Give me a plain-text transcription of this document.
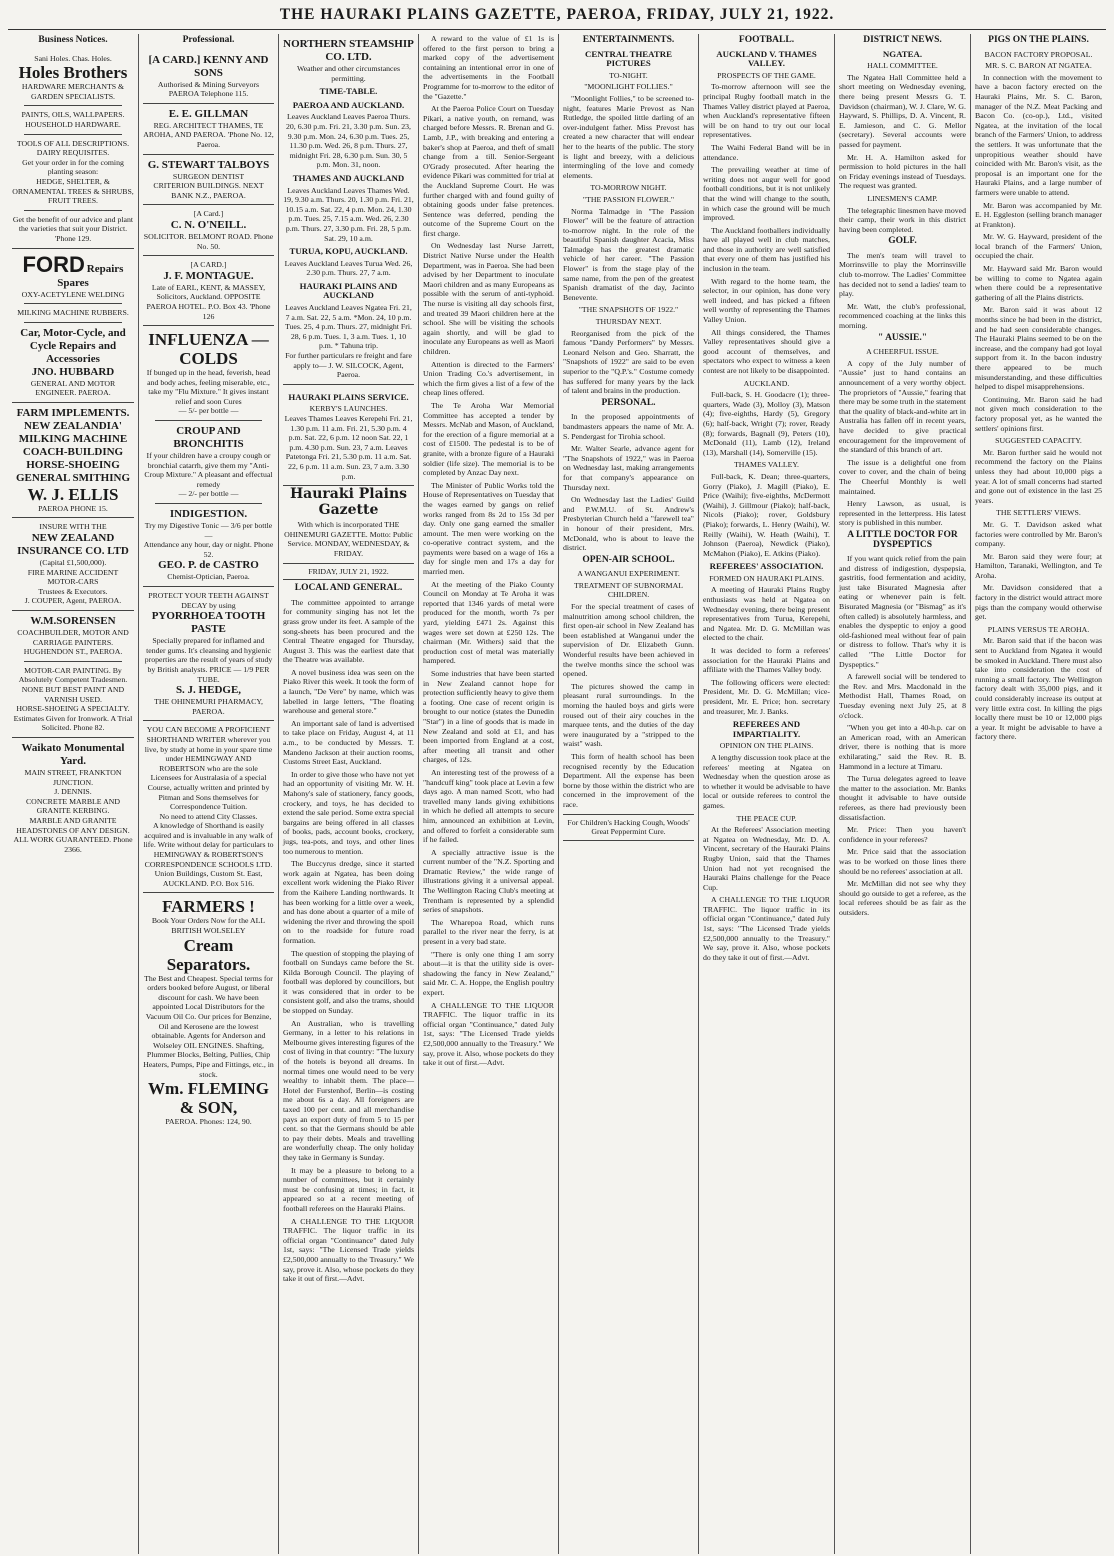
THE HAURAKI PLAINS GAZETTE, PAEROA, FRIDAY, JULY 21, 1922.
Business Notices.
Sani Holes. Chas. Holes.
Holes Brothers
HARDWARE MERCHANTS & GARDEN SPECIALISTS.
PAINTS, OILS, WALLPAPERS. HOUSEHOLD HARDWARE.
TOOLS OF ALL DESCRIPTIONS. DAIRY REQUISITES.
Get your order in for the coming planting season:
HEDGE, SHELTER, & ORNAMENTAL TREES & SHRUBS, FRUIT TREES.
Get the benefit of our advice and plant the varieties that suit your District.
'Phone 129.
FORD Repairs Spares
OXY-ACETYLENE WELDING
MILKING MACHINE RUBBERS.
Car, Motor-Cycle, and Cycle Repairs and Accessories
JNO. HUBBARD
GENERAL AND MOTOR ENGINEER. PAEROA.
FARM IMPLEMENTS.
NEW ZEALANDIA' MILKING MACHINE
COACH-BUILDING HORSE-SHOEING GENERAL SMITHING
W. J. ELLIS
PAEROA PHONE 15.
INSURE WITH THE
NEW ZEALAND INSURANCE CO. LTD
(Capital £1,500,000).
FIRE MARINE ACCIDENT MOTOR-CARS
Trustees & Executors.
J. COUPER, Agent, PAEROA.
W.M.SORENSEN
COACHBUILDER, MOTOR AND CARRIAGE PAINTERS. HUGHENDON ST., PAEROA.
MOTOR-CAR PAINTING. By Absolutely Competent Tradesmen.
NONE BUT BEST PAINT AND VARNISH USED.
HORSE-SHOEING A SPECIALTY.
Estimates Given for Ironwork. A Trial Solicited. Phone 82.
Waikato Monumental Yard.
MAIN STREET, FRANKTON JUNCTION.
J. DENNIS.
CONCRETE MARBLE AND GRANITE KERBING.
MARBLE AND GRANITE HEADSTONES OF ANY DESIGN.
ALL WORK GUARANTEED. Phone 2366.
Professional.
[A CARD.] KENNY AND SONS
Authorised & Mining Surveyors PAEROA Telephone 115.
E. E. GILLMAN
REG. ARCHITECT THAMES, TE AROHA, AND PAEROA. 'Phone No. 12, Paeroa.
G. STEWART TALBOYS
SURGEON DENTIST
CRITERION BUILDINGS. NEXT BANK N.Z., PAEROA.
[A Card.]
C. N. O'NEILL.
SOLICITOR. BELMONT ROAD. Phone No. 50.
[A CARD.]
J. F. MONTAGUE.
Late of EARL, KENT, & MASSEY, Solicitors, Auckland. OPPOSITE PAEROA HOTEL. P.O. Box 43. 'Phone 126
INFLUENZA — COLDS
If bunged up in the head, feverish, head and body aches, feeling miserable, etc., take my "Flu Mixture." It gives instant relief and soon Cures
— 5/- per bottle —
CROUP AND BRONCHITIS
If your children have a croupy cough or bronchial catarrh, give them my "Anti-Croup Mixture." A pleasant and effectual remedy
— 2/- per bottle —
INDIGESTION.
Try my Digestive Tonic — 3/6 per bottle —
Attendance any hour, day or night. Phone 52.
GEO. P. de CASTRO
Chemist-Optician, Paeroa.
PROTECT YOUR TEETH AGAINST DECAY by using
PYORRHOEA TOOTH PASTE
Specially prepared for inflamed and tender gums. It's cleansing and hygienic properties are the result of years of study by British analysts. PRICE — 1/9 PER TUBE.
S. J. HEDGE,
THE OHINEMURI PHARMACY, PAEROA.
YOU CAN BECOME A PROFICIENT SHORTHAND WRITER wherever you live, by study at home in your spare time under HEMINGWAY AND ROBERTSON who are the sole Licensees for Australasia of a special Course, actually written and printed by Pitman and Sons themselves for Correspondence Tuition.
No need to attend City Classes.
A knowledge of Shorthand is easily acquired and is invaluable in any walk of life. Write without delay for particulars to HEMINGWAY & ROBERTSON'S CORRESPONDENCE SCHOOLS LTD. Union Buildings, Custom St. East, AUCKLAND. P.O. Box 516.
FARMERS !
Book Your Orders Now for the ALL BRITISH WOLSELEY
Cream Separators.
The Best and Cheapest. Special terms for orders booked before August, or liberal discount for cash. We have been appointed Local Distributors for the Vacuum Oil Co. Our prices for Benzine, Oil and Kerosene are the lowest obtainable. Agents for Anderson and Wolseley OIL ENGINES. Shafting, Plummer Blocks, Belting, Pullies, Chip Heaters, Pumps, Pipe and Fittings, etc., in stock.
Wm. FLEMING & SON,
PAEROA. Phones: 124, 90.
NORTHERN STEAMSHIP CO. LTD.
Weather and other circumstances permitting.
TIME-TABLE.
PAEROA AND AUCKLAND.
Leaves Auckland Leaves Paeroa Thurs. 20, 6.30 p.m. Fri. 21, 3.30 p.m. Sun. 23, 9.30 p.m. Mon. 24, 6.30 p.m. Tues. 25, 11.30 p.m. Wed. 26, 8 p.m. Thurs. 27, midnight Fri. 28, 6.30 p.m. Sun. 30, 5 p.m. Mon. 31, noon.
THAMES AND AUCKLAND
Leaves Auckland Leaves Thames Wed. 19, 9.30 a.m. Thurs. 20, 1.30 p.m. Fri. 21, 10.15 a.m. Sat. 22, 4 p.m. Mon. 24, 1.30 p.m. Tues. 25, 7.15 a.m. Wed. 26, 2.30 p.m. Thurs. 27, 3.30 p.m. Fri. 28, 5 p.m. Sat. 29, 10 a.m.
TURUA, KOPU, AUCKLAND.
Leaves Auckland Leaves Turua Wed. 26, 2.30 p.m. Thurs. 27, 7 a.m.
HAURAKI PLAINS AND AUCKLAND
Leaves Auckland Leaves Ngatea Fri. 21, 7 a.m. Sat. 22, 5 a.m. *Mon. 24, 10 p.m. Tues. 25, 4 p.m. Thurs. 27, midnight Fri. 28, 6 p.m. Tues. 1, 3 a.m. Tues. 1, 10 p.m. * Tahuna trip.
For further particulars re freight and fare apply to— J. W. SILCOCK, Agent, Paeroa.
HAURAKI PLAINS SERVICE.
KERBY'S LAUNCHES.
Leaves Thames Leaves Kerepehi Fri. 21, 1.30 p.m. 11 a.m. Fri. 21, 5.30 p.m. 4 p.m. Sat. 22, 6 p.m. 12 noon Sat. 22, 1 p.m. 4.30 p.m. Sun. 23, 7 a.m. Leaves Patetonga Fri. 21, 5.30 p.m. 11 a.m. Sat. 22, 6 p.m. 11 a.m. Sun. 23, 7 a.m. 3.30 p.m.
Hauraki Plains Gazette
With which is incorporated THE OHINEMURI GAZETTE. Motto: Public Service. MONDAY, WEDNESDAY, & FRIDAY.
FRIDAY, JULY 21, 1922.
LOCAL AND GENERAL.

The committee appointed to arrange for community singing has not let the grass grow under its feet. A sample of the song-sheets has been procured and the Central Theatre engaged for Thursday, August 3. This was the earliest date that the Theatre was available.

A novel business idea was seen on the Piako River this week. It took the form of a launch, "De Vere" by name, which was labelled in large letters, "The floating warehouse and general store."

An important sale of land is advertised to take place on Friday, August 4, at 11 a.m., to be conducted by Messrs. T. Mandeno Jackson at their auction rooms, Customs Street East, Auckland.

In order to give those who have not yet had an opportunity of visiting Mr. W. H. Mahony's sale of stationery, fancy goods, crockery, and toys, he has decided to extend the sale period. Some extra special bargains are being offered in all classes of books, pads, account books, crockery, jugs, tea-pots, and toys, and other lines too numerous to mention.

The Buccyrus dredge, since it started work again at Ngatea, has been doing excellent work widening the Piako River from the Kaihere Landing northwards. It has been working for a little over a week, and has done about a quarter of a mile of widening the river and throwing the spoil on to the roadside for future road formation.

The question of stopping the playing of football on Sundays came before the St. Kilda Borough Council. The playing of football was deplored by councillors, but it was considered that in order to be consistent golf, and also the trams, should be stopped on Sunday.

An Australian, who is travelling Germany, in a letter to his relations in Melbourne gives interesting figures of the cost of living in that country: "The luxury of the hotels is beyond all dreams. In normal times one would need to be very wealthy to inhabit them. The place—Hotel der Furstenhof, Berlin—is costing me about 6s a day. All foreigners are taxed 100 per cent. and all merchandise pays an export duty of from 5 to 15 per cent. so that the Germans should be able to pay their debts. Meals and travelling are wonderfully cheap. The only holiday they take in Germany is Sunday.

It may be a pleasure to belong to a number of committees, but it certainly must be confusing at times; in fact, it appeared so at a recent meeting of football referees on the Hauraki Plains.

A CHALLENGE TO THE LIQUOR TRAFFIC. The liquor traffic in its official organ "Continuance" dated July 1st, says: "The Licensed Trade yields £2,500,000 annually to the Treasury." We say, prove it. Also, whose pockets do they take it out of first.—Advt.

A reward to the value of £1 1s is offered to the first person to bring a marked copy of the advertisement containing an intentional error in one of the advertisements in the Football Programme for to-morrow to the editor of the "Gazette."

At the Paeroa Police Court on Tuesday Pikari, a native youth, on remand, was charged before Messrs. R. Brenan and G. Lamb, J.P., with breaking and entering a baker's shop at Paeroa, and theft of small change from a till. Senior-Sergeant O'Grady prosecuted. After hearing the evidence Pikari was committed for trial at the Auckland Supreme Court. He was further charged with and found guilty of obtaining goods under false pretences. Sentence was deferred, pending the outcome of the Supreme Court on the first charge.

On Wednesday last Nurse Jarrett, District Native Nurse under the Health Department, was in Paeroa. She had been advised by her Department to inoculate Maori children and as many Europeans as possible with the serum of anti-typhoid. The nurse is visiting all day schools first, and treated 39 Maori children here at the school. She will be visiting the schools again shortly, and will be glad to inoculate any Europeans as well as Maori children.

Attention is directed to the Farmers' Union Trading Co.'s advertisement, in which the firm gives a list of a few of the cheap lines offered.

The Te Aroha War Memorial Committee has accepted a tender by Messrs. McNab and Mason, of Auckland, for the erection of a figure memorial at a cost of £1500. The pedestal is to be of granite, with a bronze figure of a Hauraki soldier (life size). The memorial is to be completed by Anzac Day next.

The Minister of Public Works told the House of Representatives on Tuesday that the wages earned by gangs on relief works ranged from 8s 2d to 15s 3d per day. Only one gang earned the smaller amount. The men were working on the co-operative contract system, and the payments were based on a wage of 16s a day for single men and 17s a day for married men.

At the meeting of the Piako County Council on Monday at Te Aroha it was reported that 1346 yards of metal were produced for the month, worth 7s per yard, yielding £471 2s. Against this wages were set down at £250 12s. The chairman (Mr. Withers) said that the production cost of metal was materially hampered.

Some industries that have been started in New Zealand cannot hope for protection sufficiently heavy to give them a footing. One case of recent origin is brought to our notice (states the Dunedin "Star") in a line of goods that is made in New Zealand and sold at £1, and has been imported from England at a cost, after meeting all transit and other charges, of 12s.

An interesting test of the prowess of a "handcuff king" took place at Levin a few days ago. A man named Scott, who had travelled many lands giving exhibitions in which he defied all attempts to secure him, announced an exhibition at Levin, and offered to forfeit a considerable sum if he failed.

A specially attractive issue is the current number of the "N.Z. Sporting and Dramatic Review," the wide range of illustrations giving it a universal appeal. The Wellington Racing Club's meeting at Trentham is represented by a splendid series of snapshots.

The Wharepoa Road, which runs parallel to the river near the ferry, is at present in a very bad state.

"There is only one thing I am sorry about—it is that the utility side is over-shadowing the fancy in New Zealand," said Mr. C. A. Hoppe, the English poultry expert.

A CHALLENGE TO THE LIQUOR TRAFFIC. The liquor traffic in its official organ "Continuance," dated July 1st, says: "The Licensed Trade yields £2,500,000 annually to the Treasury." We say, prove it. Also, whose pockets do they take it out of first.—Advt.

ENTERTAINMENTS.
CENTRAL THEATRE PICTURES
TO-NIGHT.
"MOONLIGHT FOLLIES."

"Moonlight Follies," to be screened to-night, features Marie Prevost as Nan Rutledge, the spoiled little darling of an over-indulgent father. Miss Prevost has created a new character that will endear her to the hearts of the public. The story is light and breezy, with a delicious intermingling of the love and comedy elements.

TO-MORROW NIGHT.
"THE PASSION FLOWER."

Norma Talmadge in "The Passion Flower" will be the feature of attraction to-morrow night. In the role of the beautiful Spanish daughter Acacia, Miss Talmadge has the greatest dramatic vehicle of her career. "The Passion Flower" is from the stage play of the same name, from the pen of the greatest Spanish dramatist of the day, Jacinto Benevente.

"THE SNAPSHOTS OF 1922."
THURSDAY NEXT.

Reorganised from the pick of the famous "Dandy Performers" by Messrs. Leonard Nelson and Geo. Sharratt, the "Snapshots of 1922" are said to be even superior to the "Q.P.'s." Costume comedy has suffered for many years by the lack of talent and brains in the production.

PERSONAL.

In the proposed appointments of bandmasters appears the name of Mr. A. S. Pendergast for Tirohia school.

Mr. Walter Searle, advance agent for "The Snapshots of 1922," was in Paeroa on Wednesday last, making arrangements for that company's appearance on Thursday next.

On Wednesday last the Ladies' Guild and P.W.M.U. of St. Andrew's Presbyterian Church held a "farewell tea" in honour of their president, Mrs. McDonald, who is about to leave the district.

OPEN-AIR SCHOOL.
A WANGANUI EXPERIMENT.
TREATMENT OF SUBNORMAL CHILDREN.

For the special treatment of cases of malnutrition among school children, the first open-air school in New Zealand has been established at Wanganui under the supervision of Dr. Elizabeth Gunn. Wonderful results have been achieved in the twelve months since the school was opened.

The pictures showed the camp in pleasant rural surroundings. In the morning the hauled boys and girls were roused out of their airy couches in the marquee tents, and the duties of the day were inaugurated by a "stripped to the waist" wash.

This form of health school has been recognised recently by the Education Department. All the expense has been borne by those within the district who are concerned in the improvement of the race.

For Children's Hacking Cough, Woods' Great Peppermint Cure.
FOOTBALL.
AUCKLAND V. THAMES VALLEY.
PROSPECTS OF THE GAME.

To-morrow afternoon will see the principal Rugby football match in the Thames Valley district played at Paeroa, when Auckland's representative fifteen will be on hand to try out our local representatives.

The Waihi Federal Band will be in attendance.

The prevailing weather at time of writing does not augur well for good football conditions, but it is not unlikely that the wind will change to the south, in which case the ground will be much improved.

The Auckland footballers individually have all played well in club matches, and those in authority are well satisfied that every one of them has justified his inclusion in the team.

With regard to the home team, the selector, in our opinion, has done very well indeed, and has picked a fifteen well worthy of representing the Thames Valley Union.

All things considered, the Thames Valley representatives should give a good account of themselves, and spectators who expect to witness a keen contest are not likely to be disappointed.

AUCKLAND.

Full-back, S. H. Goodacre (1); three-quarters, Wade (3), Molloy (3), Matson (4); five-eighths, Hardy (5), Gregory (6); half-back, Wright (7); rover, Ready (8); forwards, Bagnall (9), Peters (10), McDonald (11), Lamb (12), Ireland (13), Marshall (14), Somerville (15).

THAMES VALLEY.

Full-back, K. Dean; three-quarters, Gorry (Piako), J. Magill (Piako), E. Price (Waihi); five-eighths, McDermott (Waihi), J. Gillmour (Piako); half-back, Nicols (Piako); rover, Goldsbury (Piako); forwards, L. Henry (Waihi), W. Reilly (Waihi), W. Heath (Waihi), T. Johnson (Paeroa), Newdick (Piako), McMahon (Piako), E. Atkins (Piako).

REFEREES' ASSOCIATION.
FORMED ON HAURAKI PLAINS.

A meeting of Hauraki Plains Rugby enthusiasts was held at Ngatea on Wednesday evening, there being present representatives from Turua, Kerepehi, and Ngatea. Mr. D. G. McMillan was elected to the chair.

It was decided to form a referees' association for the Hauraki Plains and affiliate with the Thames Valley body.

The following officers were elected: President, Mr. D. G. McMillan; vice-president, Mr. E. Price; hon. secretary and treasurer, Mr. J. Banks.

REFEREES AND IMPARTIALITY.
OPINION ON THE PLAINS.

A lengthy discussion took place at the referees' meeting at Ngatea on Wednesday when the question arose as to whether it would be advisable to have local or outside referees to control the games.

THE PEACE CUP.

At the Referees' Association meeting at Ngatea on Wednesday, Mr. D. A. Vincent, secretary of the Hauraki Plains Rugby Union, said that the Thames Union had not yet recognised the Hauraki Plains challenge for the Peace Cup.

A CHALLENGE TO THE LIQUOR TRAFFIC. The liquor traffic in its official organ "Continuance," dated July 1st, says: "The Licensed Trade yields £2,500,000 annually to the Treasury." We say, prove it. Also, whose pockets do they take it out of first.—Advt.

DISTRICT NEWS.
NGATEA.
HALL COMMITTEE.

The Ngatea Hall Committee held a short meeting on Wednesday evening, there being present Messrs G. T. Davidson (chairman), W. J. Clare, W. G. Hayward, S. Phillips, D. A. Vincent, R. E. Jamieson, and C. G. Mellor (secretary). Several accounts were passed for payment.

Mr. H. A. Hamilton asked for permission to hold pictures in the hall on Friday evenings instead of Tuesdays. The request was granted.

LINESMEN'S CAMP.

The telegraphic linesmen have moved their camp, their work in this district having been completed.

GOLF.

The men's team will travel to Morrinsville to play the Morrinsville club to-morrow. The Ladies' Committee has decided not to send a ladies' team to play.

Mr. Watt, the club's professional, recommenced coaching at the links this morning.

" AUSSIE."
A CHEERFUL ISSUE.

A copy of the July number of "Aussie" just to hand contains an announcement of a very worthy object. The proprietors of "Aussie," fearing that there may be some truth in the statement that the quality of black-and-white art in Australia has fallen off in recent years, have decided to give practical encouragement for the improvement of the standard of this branch of art.

The issue is a delightful one from cover to cover, and the chain of being The Cheerful Monthly is well maintained.

Henry Lawson, as usual, is represented in the letterpress. His latest story is published in this number.

A LITTLE DOCTOR FOR DYSPEPTICS

If you want quick relief from the pain and distress of indigestion, dyspepsia, gastritis, food fermentation and acidity, just take Bisurated Magnesia after eating or whenever pain is felt. Bisurated Magnesia (or "Bismag" as it's often called) is absolutely harmless, and enables the dyspeptic to enjoy a good old-fashioned meal without fear of pain or distress to follow. That's why it is called "The Little Doctor for Dyspeptics."

A farewell social will be tendered to the Rev. and Mrs. Macdonald in the Methodist Hall, Thames Road, on Tuesday evening next July 25, at 8 o'clock.

"When you get into a 40-h.p. car on an American road, with an American driver, there is nothing that is more exhilarating," said the Rev. R. B. Hammond in a lecture at Timaru.

The Turua delegates agreed to leave the matter to the association. Mr. Banks thought it advisable to have outside referees, as there had previously been dissatisfaction.

Mr. Price: Then you haven't confidence in your referees?

Mr. Price said that the association was to be worked on those lines there should be no referees' association at all.

Mr. McMillan did not see why they should go outside to get a referee, as the local referees should be as fair as the outsiders.

PIGS ON THE PLAINS.
BACON FACTORY PROPOSAL.
MR. S. C. BARON AT NGATEA.

In connection with the movement to have a bacon factory erected on the Hauraki Plains, Mr. S. C. Baron, manager of the N.Z. Meat Packing and Bacon Co. (co-op.), Ltd., visited Ngatea, at the invitation of the local branch of the Farmers' Union, to address the settlers. It was unfortunate that the unpropitious weather should have coincided with Mr. Baron's visit, as the proposal is an important one for the Hauraki Plains, and a large number of farmers were unable to attend.

Mr. Baron was accompanied by Mr. E. H. Eggleston (selling branch manager at Frankton).

Mr. W. G. Hayward, president of the local branch of the Farmers' Union, occupied the chair.

Mr. Hayward said Mr. Baron would be willing to come to Ngatea again when there could be a representative gathering of all the Plains districts.

Mr. Baron said it was about 12 months since he had been in the district, and he had seen considerable changes. The Hauraki Plains seemed to be on the increase, and the company had got loyal support from it. In the bacon industry there appeared to be much misunderstanding, and these difficulties helped to dispel misapprehensions.

Continuing, Mr. Baron said he had not given much consideration to the factory proposal yet, as he wanted the settlers' opinions first.

SUGGESTED CAPACITY.

Mr. Baron further said he would not recommend the factory on the Plains unless they had about 10,000 pigs a year. A lot of small concerns had started and gone out of existence in the last 25 years.

THE SETTLERS' VIEWS.

Mr. G. T. Davidson asked what factories were controlled by Mr. Baron's company.

Mr. Baron said they were four; at Hamilton, Taranaki, Wellington, and Te Aroha.

Mr. Davidson considered that a factory in the district would attract more pigs than the company would otherwise get.

PLAINS VERSUS TE AROHA.

Mr. Baron said that if the bacon was sent to Auckland from Ngatea it would be smoked in Auckland. There must also take into consideration the cost of running a small factory. The Wellington factory dealt with 35,000 pigs, and it could considerably increase its output at very little extra cost. In killing the pigs locally there must be 10 or 12,000 pigs a year. It might be advisable to have a factory there.
